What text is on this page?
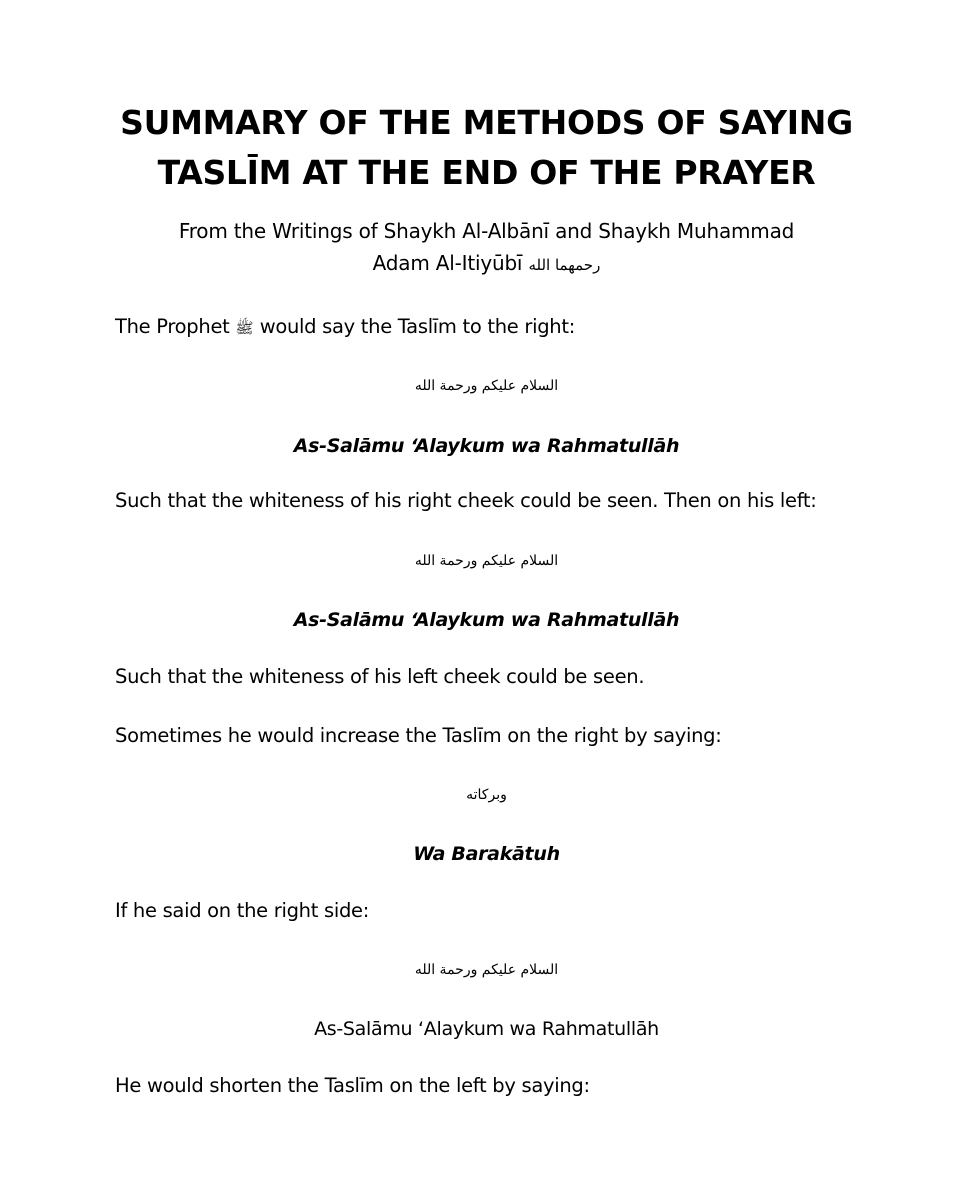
SUMMARY OF THE METHODS OF SAYING
TASLĪM AT THE END OF THE PRAYER
From the Writings of Shaykh Al-Albānī and Shaykh Muhammad
Adam Al-Itiyūbī رحمهما الله
The Prophet ﷺ would say the Taslīm to the right:
السلام عليكم ورحمة الله
As-Salāmu ‘Alaykum wa Rahmatullāh
Such that the whiteness of his right cheek could be seen. Then on his left:
السلام عليكم ورحمة الله
As-Salāmu ‘Alaykum wa Rahmatullāh
Such that the whiteness of his left cheek could be seen.
Sometimes he would increase the Taslīm on the right by saying:
وبركاته
Wa Barakātuh
If he said on the right side:
السلام عليكم ورحمة الله
As-Salāmu ‘Alaykum wa Rahmatullāh
He would shorten the Taslīm on the left by saying:
